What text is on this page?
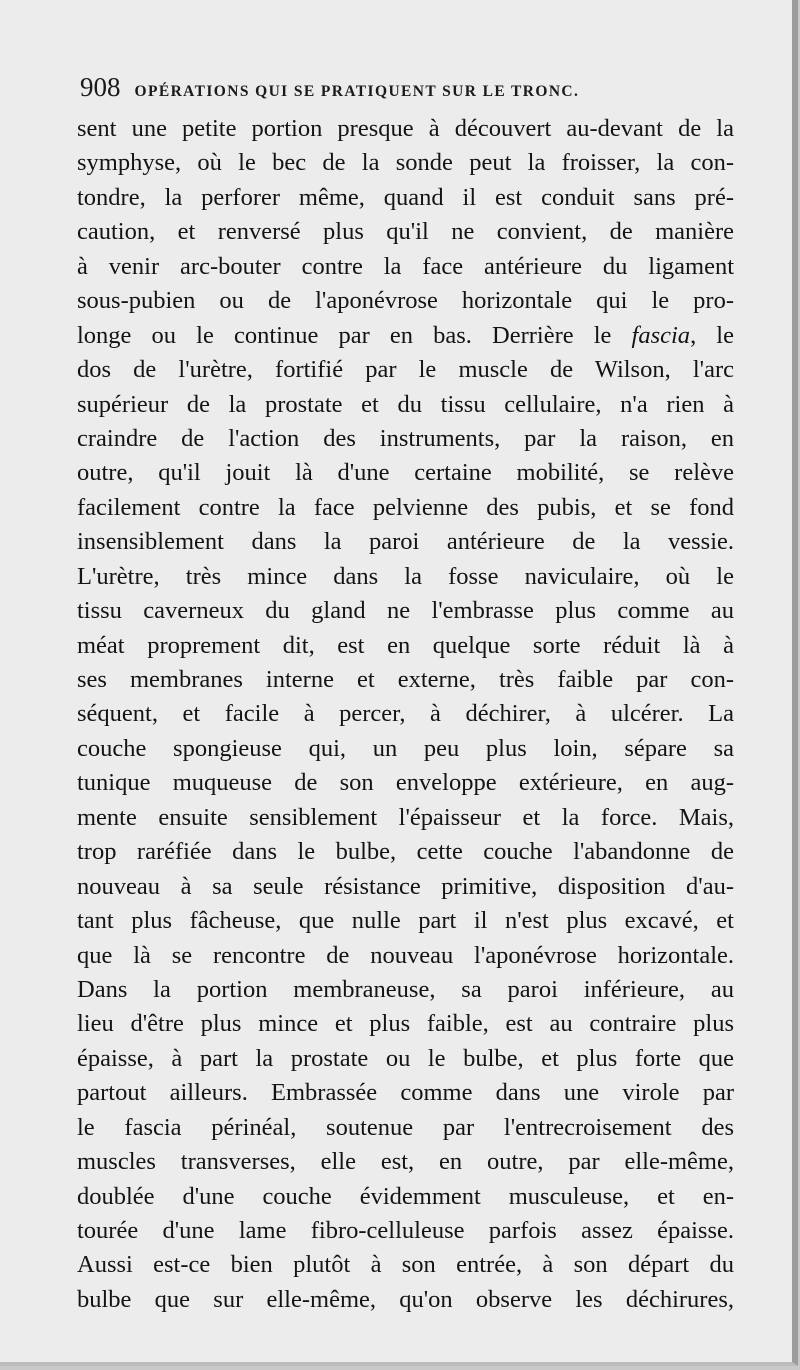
908 OPÉRATIONS QUI SE PRATIQUENT SUR LE TRONC.
sent une petite portion presque à découvert au-devant de la
symphyse, où le bec de la sonde peut la froisser, la con-
tondre, la perforer même, quand il est conduit sans pré-
caution, et renversé plus qu'il ne convient, de manière
à venir arc-bouter contre la face antérieure du ligament
sous-pubien ou de l'aponévrose horizontale qui le pro-
longe ou le continue par en bas. Derrière le fascia, le
dos de l'urètre, fortifié par le muscle de Wilson, l'arc
supérieur de la prostate et du tissu cellulaire, n'a rien à
craindre de l'action des instruments, par la raison, en
outre, qu'il jouit là d'une certaine mobilité, se relève
facilement contre la face pelvienne des pubis, et se fond
insensiblement dans la paroi antérieure de la vessie.
L'urètre, très mince dans la fosse naviculaire, où le
tissu caverneux du gland ne l'embrasse plus comme au
méat proprement dit, est en quelque sorte réduit là à
ses membranes interne et externe, très faible par con-
séquent, et facile à percer, à déchirer, à ulcérer. La
couche spongieuse qui, un peu plus loin, sépare sa
tunique muqueuse de son enveloppe extérieure, en aug-
mente ensuite sensiblement l'épaisseur et la force. Mais,
trop raréfiée dans le bulbe, cette couche l'abandonne de
nouveau à sa seule résistance primitive, disposition d'au-
tant plus fâcheuse, que nulle part il n'est plus excavé, et
que là se rencontre de nouveau l'aponévrose horizontale.
Dans la portion membraneuse, sa paroi inférieure, au
lieu d'être plus mince et plus faible, est au contraire plus
épaisse, à part la prostate ou le bulbe, et plus forte que
partout ailleurs. Embrassée comme dans une virole par
le fascia périnéal, soutenue par l'entrecroisement des
muscles transverses, elle est, en outre, par elle-même,
doublée d'une couche évidemment musculeuse, et en-
tourée d'une lame fibro-celluleuse parfois assez épaisse.
Aussi est-ce bien plutôt à son entrée, à son départ du
bulbe que sur elle-même, qu'on observe les déchirures,
